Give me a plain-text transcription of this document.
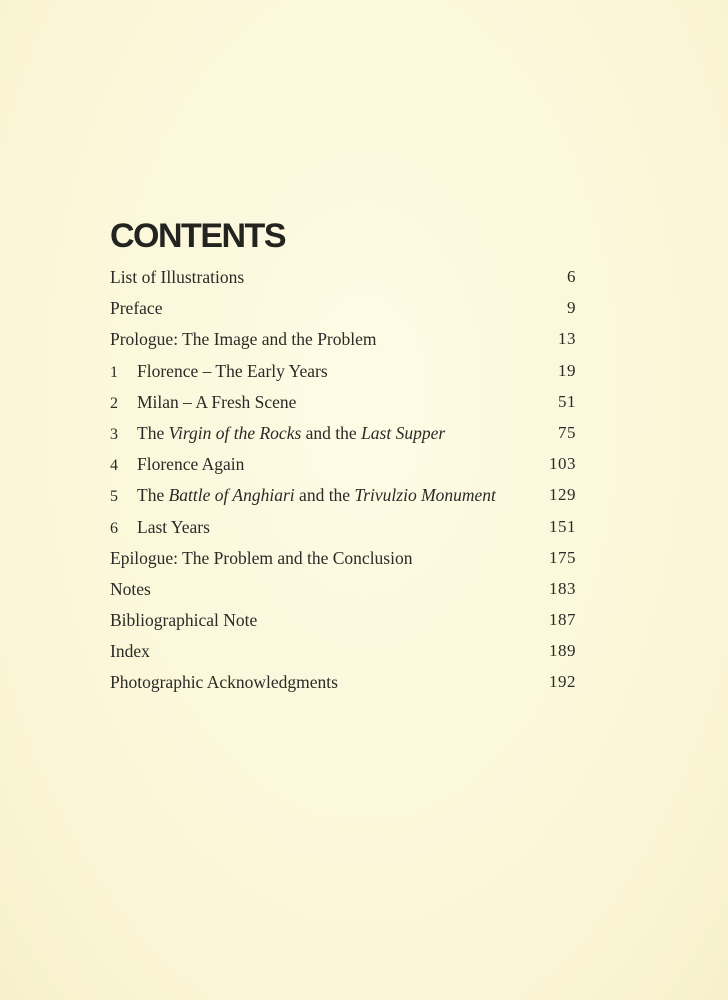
CONTENTS
List of Illustrations	6
Preface	9
Prologue: The Image and the Problem	13
1 Florence – The Early Years	19
2 Milan – A Fresh Scene	51
3 The Virgin of the Rocks and the Last Supper	75
4 Florence Again	103
5 The Battle of Anghiari and the Trivulzio Monument	129
6 Last Years	151
Epilogue: The Problem and the Conclusion	175
Notes	183
Bibliographical Note	187
Index	189
Photographic Acknowledgments	192
